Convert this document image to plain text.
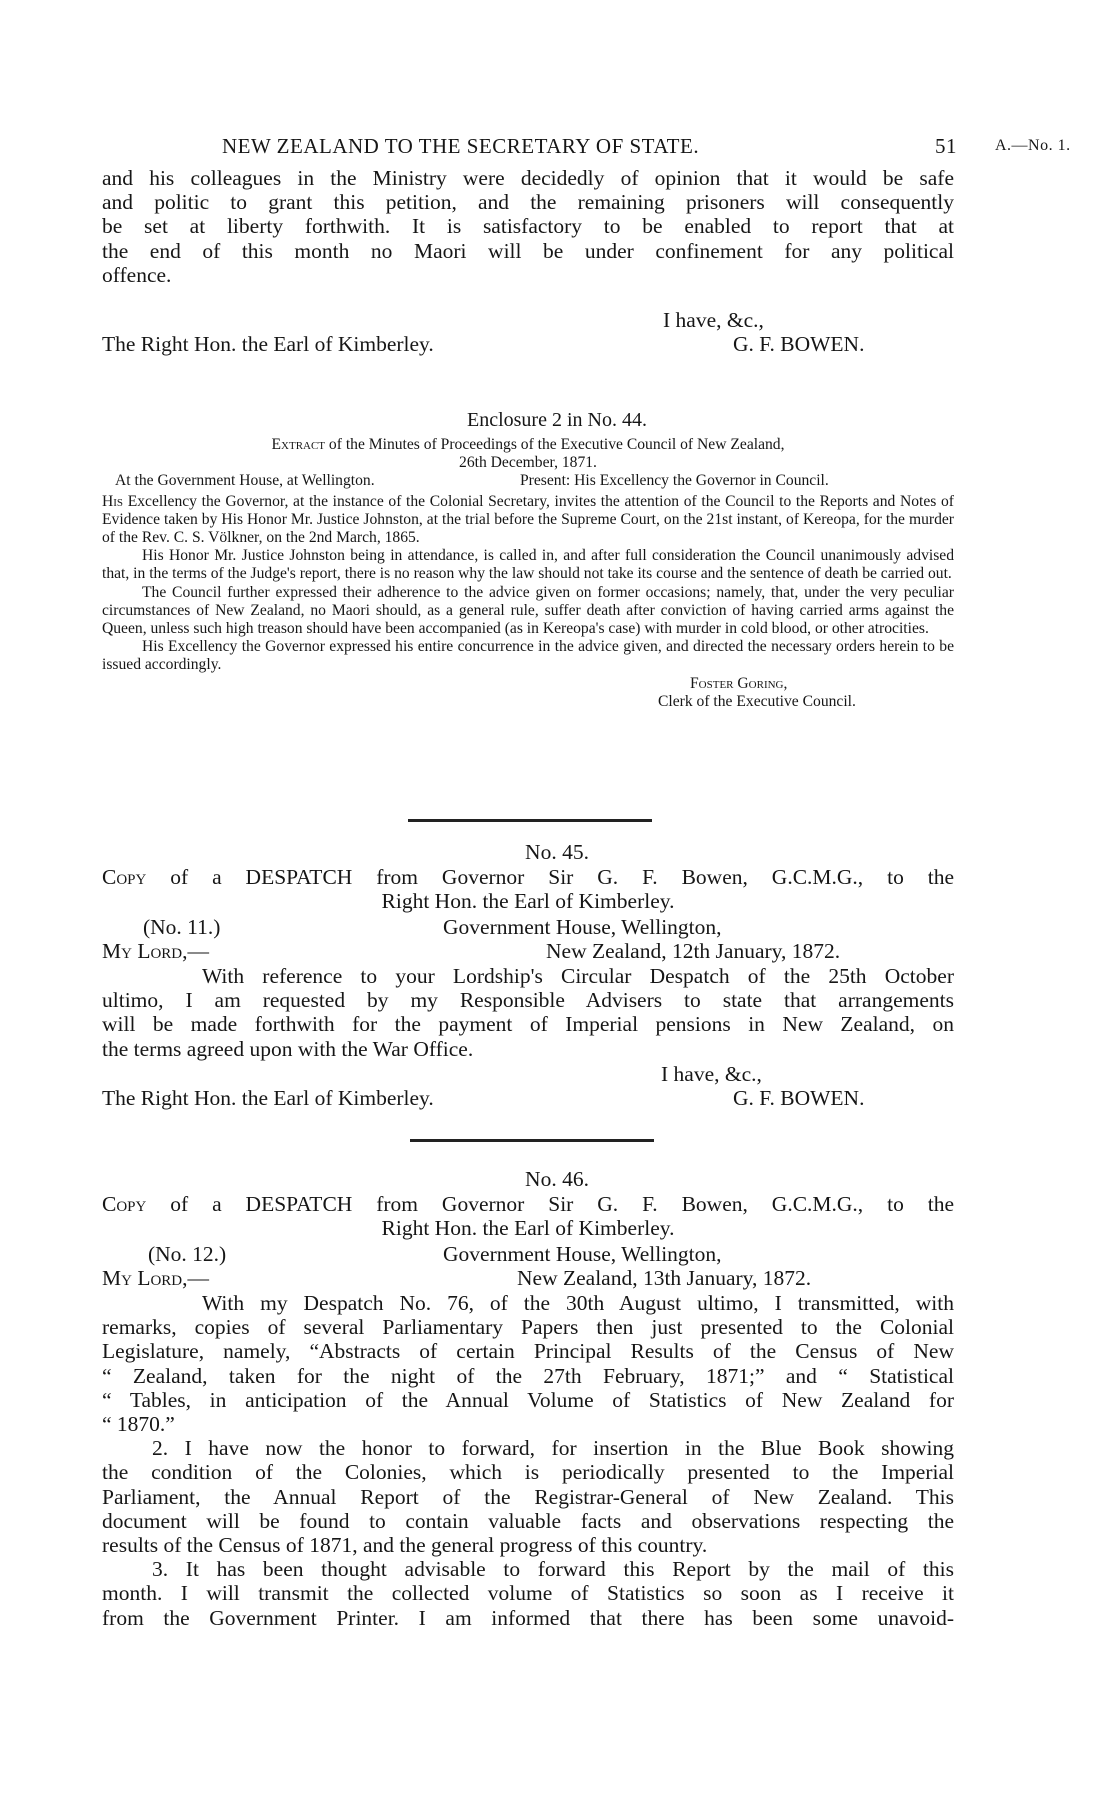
NEW ZEALAND TO THE SECRETARY OF STATE.	51 A.—No. 1.

and his colleagues in the Ministry were decidedly of opinion that it would be safe

and politic to grant this petition, and the remaining prisoners will consequently

be set at liberty forthwith. It is satisfactory to be enabled to report that at

the end of this month no Maori will be under confinement for any political

offence.

I have, &c.,
The Right Hon. the Earl of Kimberley.	G. F. BOWEN.
Enclosure 2 in No. 44.

Extract of the Minutes of Proceedings of the Executive Council of New Zealand,

26th December, 1871.

At the Government House, at Wellington.	Present: His Excellency the Governor in Council.

His Excellency the Governor, at the instance of the Colonial Secretary, invites the attention of the Council to the Reports and Notes of Evidence taken by His Honor Mr. Justice Johnston, at the trial before the Supreme Court, on the 21st instant, of Kereopa, for the murder of the Rev. C. S. Völkner, on the 2nd March, 1865.

His Honor Mr. Justice Johnston being in attendance, is called in, and after full consideration the Council unanimously advised that, in the terms of the Judge's report, there is no reason why the law should not take its course and the sentence of death be carried out.

The Council further expressed their adherence to the advice given on former occasions; namely, that, under the very peculiar circumstances of New Zealand, no Maori should, as a general rule, suffer death after conviction of having carried arms against the Queen, unless such high treason should have been accompanied (as in Kereopa's case) with murder in cold blood, or other atrocities.

His Excellency the Governor expressed his entire concurrence in the advice given, and directed the necessary orders herein to be issued accordingly.

Foster Goring,
Clerk of the Executive Council.
No. 45.
Copy of a DESPATCH from Governor Sir G. F. Bowen, G.C.M.G., to the
Right Hon. the Earl of Kimberley.
(No. 11.)	Government House, Wellington,
My Lord,—	New Zealand, 12th January, 1872.

With reference to your Lordship's Circular Despatch of the 25th October

ultimo, I am requested by my Responsible Advisers to state that arrangements

will be made forthwith for the payment of Imperial pensions in New Zealand, on

the terms agreed upon with the War Office.

I have, &c.,
The Right Hon. the Earl of Kimberley.	G. F. BOWEN.
No. 46.
Copy of a DESPATCH from Governor Sir G. F. Bowen, G.C.M.G., to the
Right Hon. the Earl of Kimberley.
(No. 12.)	Government House, Wellington,
My Lord,—	New Zealand, 13th January, 1872.

With my Despatch No. 76, of the 30th August ultimo, I transmitted, with

remarks, copies of several Parliamentary Papers then just presented to the Colonial

Legislature, namely, “Abstracts of certain Principal Results of the Census of New

“ Zealand, taken for the night of the 27th February, 1871;” and “ Statistical

“ Tables, in anticipation of the Annual Volume of Statistics of New Zealand for

“ 1870.”

2. I have now the honor to forward, for insertion in the Blue Book showing

the condition of the Colonies, which is periodically presented to the Imperial

Parliament, the Annual Report of the Registrar-General of New Zealand. This

document will be found to contain valuable facts and observations respecting the

results of the Census of 1871, and the general progress of this country.

3. It has been thought advisable to forward this Report by the mail of this

month. I will transmit the collected volume of Statistics so soon as I receive it

from the Government Printer. I am informed that there has been some unavoid-
